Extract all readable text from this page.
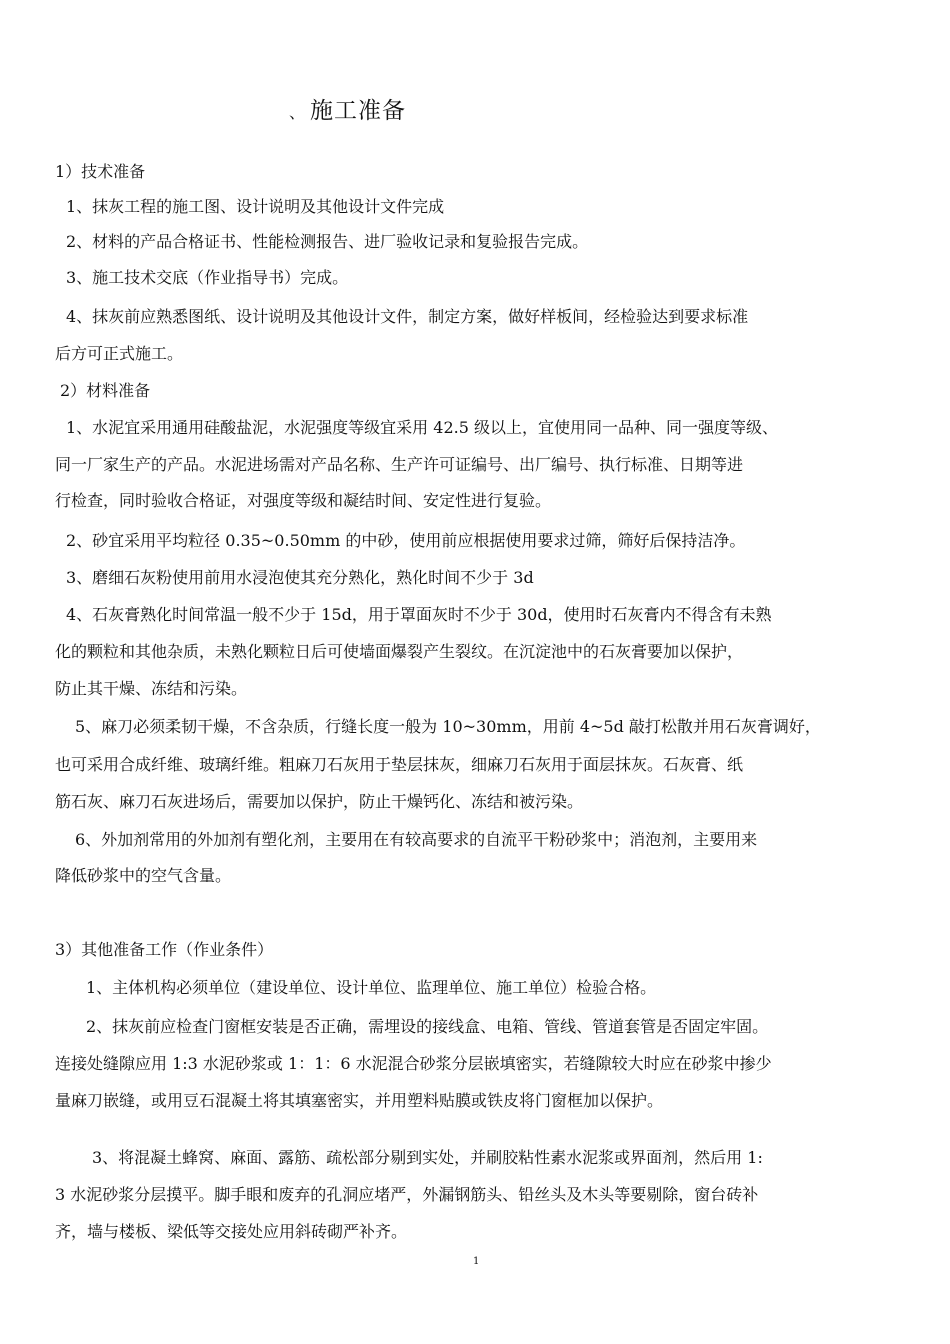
、 施工准备
1）技术准备
1、抹灰工程的施工图、设计说明及其他设计文件完成
2、材料的产品合格证书、性能检测报告、进厂验收记录和复验报告完成。
3、施工技术交底（作业指导书）完成。
4、抹灰前应熟悉图纸、设计说明及其他设计文件，制定方案，做好样板间，经检验达到要求标准
后方可正式施工。
2）材料准备
1、水泥宜采用通用硅酸盐泥，水泥强度等级宜采用 42.5 级以上，宜使用同一品种、同一强度等级、
同一厂家生产的产品。水泥进场需对产品名称、生产许可证编号、出厂编号、执行标准、日期等进
行检查，同时验收合格证，对强度等级和凝结时间、安定性进行复验。
2、砂宜采用平均粒径 0.35~0.50mm 的中砂，使用前应根据使用要求过筛，筛好后保持洁净。
3、磨细石灰粉使用前用水浸泡使其充分熟化，熟化时间不少于 3d
4、石灰膏熟化时间常温一般不少于 15d，用于罩面灰时不少于 30d，使用时石灰膏内不得含有未熟
化的颗粒和其他杂质，未熟化颗粒日后可使墙面爆裂产生裂纹。在沉淀池中的石灰膏要加以保护，
防止其干燥、冻结和污染。
5、麻刀必须柔韧干燥，不含杂质，行缝长度一般为 10~30mm，用前 4~5d 敲打松散并用石灰膏调好，
也可采用合成纤维、玻璃纤维。粗麻刀石灰用于垫层抹灰，细麻刀石灰用于面层抹灰。石灰膏、纸
筋石灰、麻刀石灰进场后，需要加以保护，防止干燥钙化、冻结和被污染。
6、外加剂常用的外加剂有塑化剂，主要用在有较高要求的自流平干粉砂浆中；消泡剂，主要用来
降低砂浆中的空气含量。
3）其他准备工作（作业条件）
1、主体机构必须单位（建设单位、设计单位、监理单位、施工单位）检验合格。
2、抹灰前应检查门窗框安装是否正确，需埋设的接线盒、电箱、管线、管道套管是否固定牢固。
连接处缝隙应用 1:3 水泥砂浆或 1：1：6 水泥混合砂浆分层嵌填密实，若缝隙较大时应在砂浆中掺少
量麻刀嵌缝，或用豆石混凝土将其填塞密实，并用塑料贴膜或铁皮将门窗框加以保护。
3、将混凝土蜂窝、麻面、露筋、疏松部分剔到实处，并刷胶粘性素水泥浆或界面剂，然后用 1:
3 水泥砂浆分层摸平。脚手眼和废弃的孔洞应堵严，外漏钢筋头、铅丝头及木头等要剔除，窗台砖补
齐，墙与楼板、梁低等交接处应用斜砖砌严补齐。
1
